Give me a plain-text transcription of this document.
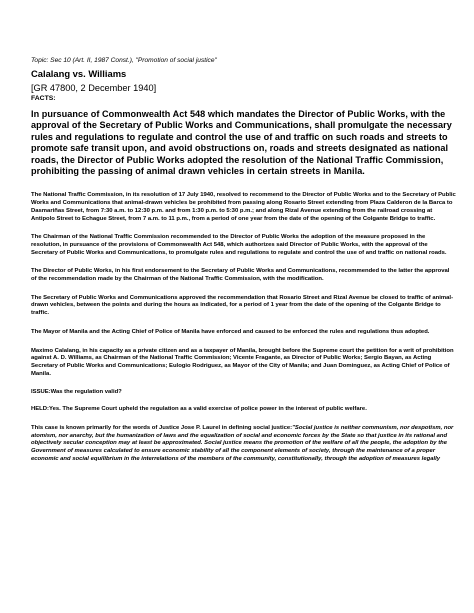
Topic: Sec 10 (Art. II, 1987 Const.), "Promotion of social justice"

Calalang vs. Williams

[GR 47800, 2 December 1940]

FACTS:

In pursuance of Commonwealth Act 548 which mandates the Director of Public Works, with the approval of the Secretary of Public Works and Communications, shall promulgate the necessary rules and regulations to regulate and control the use of and traffic on such roads and streets to promote safe transit upon, and avoid obstructions on, roads and streets designated as national roads, the Director of Public Works adopted the resolution of the National Traffic Commission, prohibiting the passing of animal drawn vehicles in certain streets in Manila.

The National Traffic Commission, in its resolution of 17 July 1940, resolved to recommend to the Director of Public Works and to the Secretary of Public Works and Communications that animal-drawn vehicles be prohibited from passing along Rosario Street extending from Plaza Calderon de la Barca to Dasmariñas Street, from 7:30 a.m. to 12:30 p.m. and from 1:30 p.m. to 5:30 p.m.; and along Rizal Avenue extending from the railroad crossing at Antipolo Street to Echague Street, from 7 a.m. to 11 p.m., from a period of one year from the date of the opening of the Colgante Bridge to traffic.

The Chairman of the National Traffic Commission recommended to the Director of Public Works the adoption of the measure proposed in the resolution, in pursuance of the provisions of Commonwealth Act 548, which authorizes said Director of Public Works, with the approval of the Secretary of Public Works and Communications, to promulgate rules and regulations to regulate and control the use of and traffic on national roads.

The Director of Public Works, in his first endorsement to the Secretary of Public Works and Communications, recommended to the latter the approval of the recommendation made by the Chairman of the National Traffic Commission, with the modification.

The Secretary of Public Works and Communications approved the recommendation that Rosario Street and Rizal Avenue be closed to traffic of animal-drawn vehicles, between the points and during the hours as indicated, for a period of 1 year from the date of the opening of the Colgante Bridge to traffic.

The Mayor of Manila and the Acting Chief of Police of Manila have enforced and caused to be enforced the rules and regulations thus adopted.

Maximo Calalang, in his capacity as a private citizen and as a taxpayer of Manila, brought before the Supreme court the petition for a writ of prohibition against A. D. Williams, as Chairman of the National Traffic Commission; Vicente Fragante, as Director of Public Works; Sergio Bayan, as Acting Secretary of Public Works and Communications; Eulogio Rodriguez, as Mayor of the City of Manila; and Juan Dominguez, as Acting Chief of Police of Manila.

ISSUE:Was the regulation valid?

HELD:Yes. The Supreme Court upheld the regulation as a valid exercise of police power in the interest of public welfare.

This case is known primarily for the words of Justice Jose P. Laurel in defining social justice:"Social justice is neither communism, nor despotism, nor atomism, nor anarchy, but the humanization of laws and the equalization of social and economic forces by the State so that justice in its rational and objectively secular conception may at least be approximated. Social justice means the promotion of the welfare of all the people, the adoption by the Government of measures calculated to ensure economic stability of all the component elements of society, through the maintenance of a proper economic and social equilibrium in the interrelations of the members of the community, constitutionally, through the adoption of measures legally
